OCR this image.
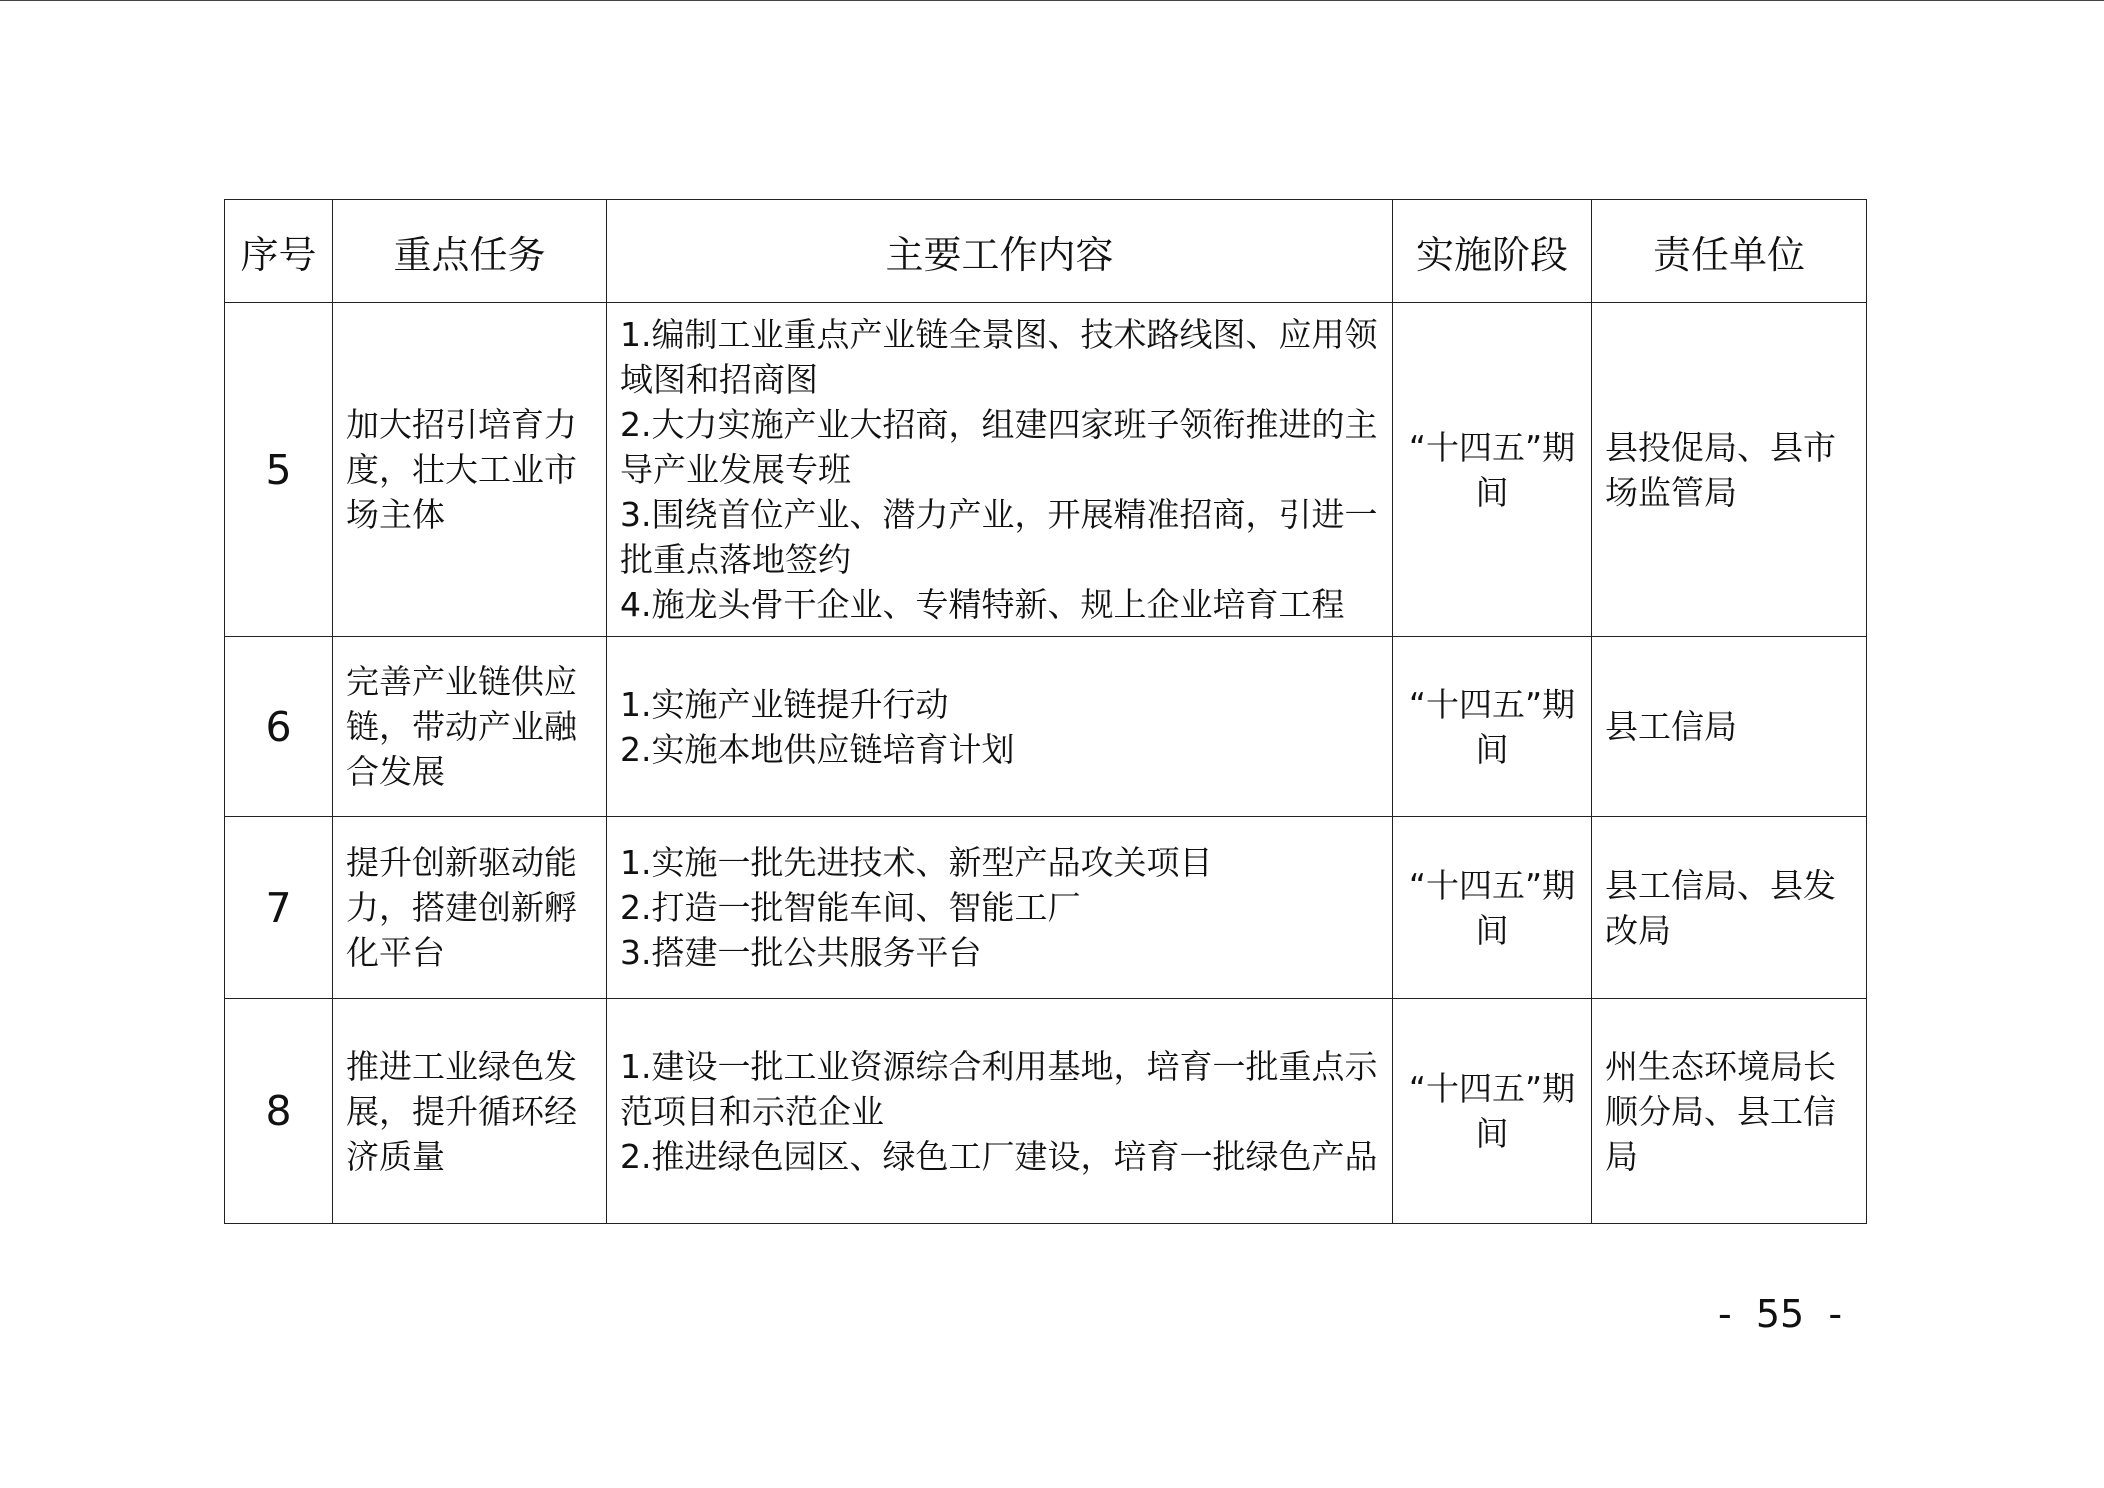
序号	重点任务	主要工作内容	实施阶段	责任单位
5	加大招引培育力度，壮大工业市场主体	1.编制工业重点产业链全景图、技术路线图、应用领域图和招商图
2.大力实施产业大招商，组建四家班子领衔推进的主导产业发展专班
3.围绕首位产业、潜力产业，开展精准招商，引进一批重点落地签约
4.施龙头骨干企业、专精特新、规上企业培育工程	“十四五”期间	县投促局、县市场监管局
6	完善产业链供应链，带动产业融合发展	1.实施产业链提升行动
2.实施本地供应链培育计划	“十四五”期间	县工信局
7	提升创新驱动能力，搭建创新孵化平台	1.实施一批先进技术、新型产品攻关项目
2.打造一批智能车间、智能工厂
3.搭建一批公共服务平台	“十四五”期间	县工信局、县发改局
8	推进工业绿色发展，提升循环经济质量	1.建设一批工业资源综合利用基地，培育一批重点示范项目和示范企业
2.推进绿色园区、绿色工厂建设，培育一批绿色产品	“十四五”期间	州生态环境局长顺分局、县工信局
-  55  -
